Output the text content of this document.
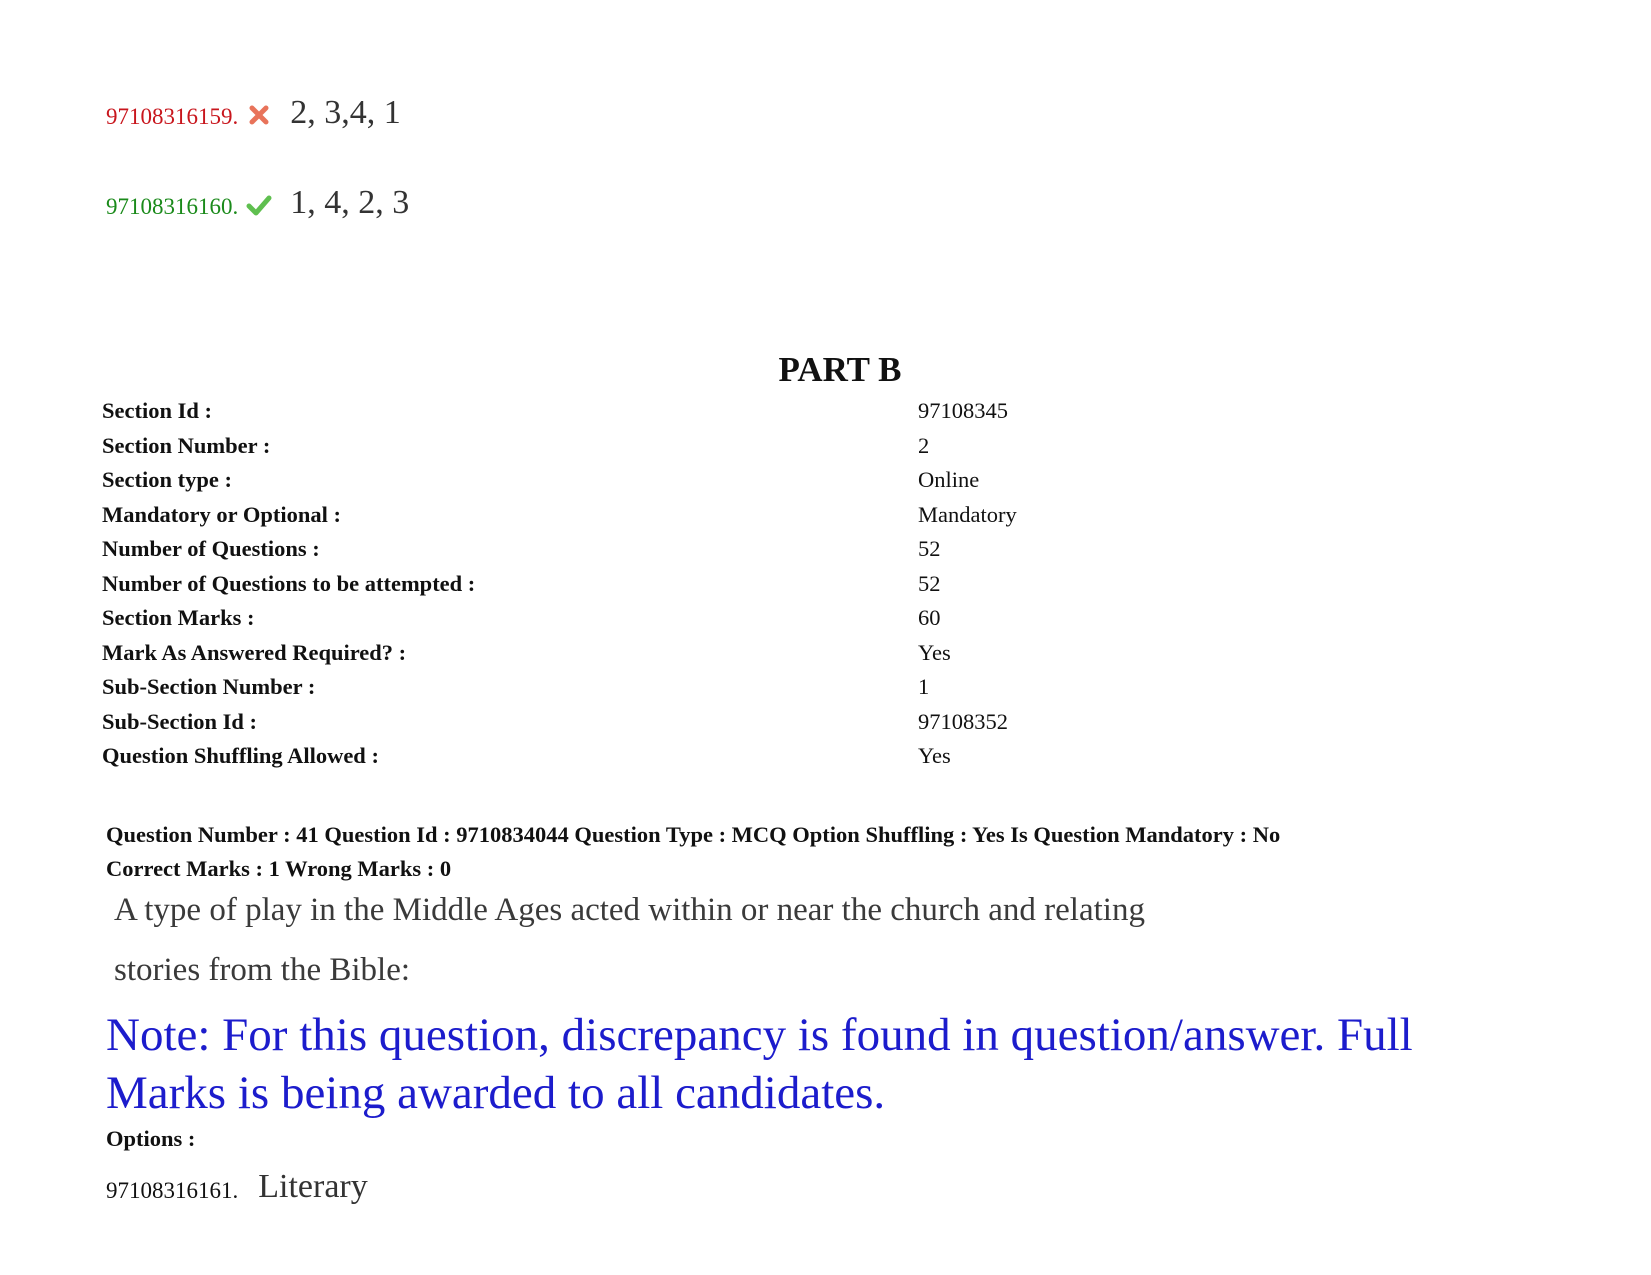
97108316159. 2, 3,4, 1
97108316160. 1, 4, 2, 3
PART B
Section Id :	97108345
Section Number :	2
Section type :	Online
Mandatory or Optional :	Mandatory
Number of Questions :	52
Number of Questions to be attempted :	52
Section Marks :	60
Mark As Answered Required? :	Yes
Sub-Section Number :	1
Sub-Section Id :	97108352
Question Shuffling Allowed :	Yes
Question Number : 41 Question Id : 9710834044 Question Type : MCQ Option Shuffling : Yes Is Question Mandatory : No
Correct Marks : 1 Wrong Marks : 0
A type of play in the Middle Ages acted within or near the church and relating
stories from the Bible:
Note: For this question, discrepancy is found in question/answer. Full
Marks is being awarded to all candidates.
Options :
97108316161. Literary
